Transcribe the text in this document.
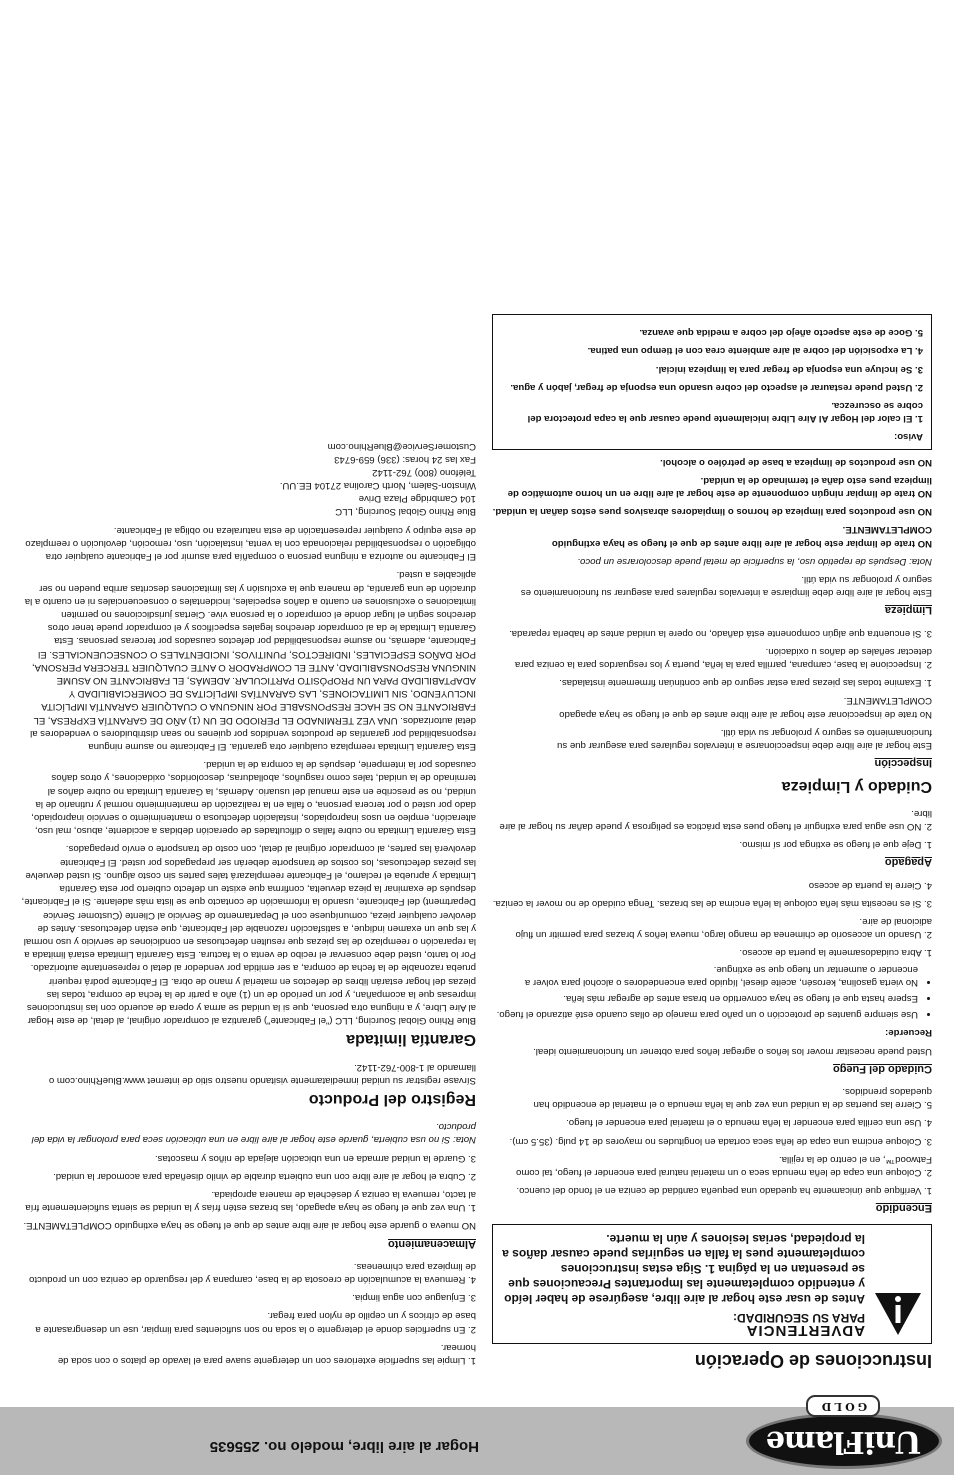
UniFlame
GOLD
Hogar al aire libre, modelo no. 255635
Instrucciones de Operación
ADVERTENCIA
PARA SU SEGURIDAD:
Antes de usar este hogar al aire libre, asegúrese de haber leído y entendido completamente las Importantes Precauciones que se presentan en la página 1. Siga estas instrucciones completamente pues la falla en seguirlas puede causar daños a la propiedad, serias lesiones y aún la muerte.
Encendido

1. Verifique que únicamente ha quedado una pequeña cantidad de ceniza en el fondo del cuenco.

2. Coloque una capa de leña menuda seca o un material natural para encender el fuego, tal como Fatwood™, en el centro de la rejilla.

3. Coloque encima una capa de leña seca cortada en longitudes no mayores de 14 pulg. (35.5 cm).

4. Use una cerilla para encender la leña menuda o el material para encender el fuego.

5. Cierre las puertas de la unidad una vez que la leña menuda o el material de encendido han quedados prendidos.

Cuidado del Fuego

Usted puede necesitar mover los leños o agregar leños para obtener un funcionamiento ideal.

Recuerde:

• Use siempre guantes de protección o un paño para manejo de ollas cuando esté atizando el fuego.
• Espere hasta que el fuego se haya convertido en brasa antes de agregar más leña.
• No vierta gasolina, kerosén, aceite diesel, líquido para encendedores o alcohol para volver a encender o aumentar un fuego que se extingue.

1. Abra cuidadosamente la puerta de acceso.

2. Usando un accesorio de chimenea de mango largo, mueva leños y brazas para permitir un flujo adicional de aire.

3. Si es necesita más leña coloque la leña encima de las brazas. Tenga cuidado de no mover la ceniza.

4. Cierre la puerta de acceso

Apagado

1. Deje que el fuego se extinga por sí mismo.

2. NO use agua para extinguir el fuego pues esta práctica es peligrosa y puede dañar su hogar al aire libre.

Cuidado y Limpieza
Inspección

Este hogar al aire libre debe inspeccionarse a intervalos regulares para asegurar que su funcionamiento es seguro y prolongar su vida útil.

No trate de inspeccionar este hogar al aire libre antes de que el fuego se haya apagado COMPLETAMENTE.

1. Examine todas las piezas para estar seguro de que continúan firmemente instaladas.

2. Inspeccione la base, campana, parrilla para la leña, puerta y los resguardos para la ceniza para detectar señales de daños u oxidación.

3. Si encuentra que algún componente está dañado, no opere la unidad antes de haberla reparada.

Limpieza

Este hogar al aire libre debe limpiarse a intervalos regulares para asegurar su funcionamiento es seguro y prolongar su vida útil.

Nota: Después de repetido uso, la superficie de metal puede descolorarse un poco.

NO trate de limpiar este hogar al aire libre antes de que el fuego se haya extinguido COMPLETAMENTE.

NO use productos para limpieza de hornos o limpiadores abrasivos pues estos dañan la unidad.

NO trate de limpiar ningún componente de este hogar al aire libre en un horno automático de limpieza pues esto daña el terminado de la unidad.

NO use productos de limpieza a base de petróleo o alcohol.

Aviso:

1. El calor del Hogar Al Aire Libre inicialmente puede causar que la capa protectora del cobre se oscurezca.

2. Usted puede restaurar el aspecto del cobre usando una esponja de fregar, jabón y agua.

3. Se incluye una esponja de fregar para la limpieza inicial.

4. La exposición del cobre al aire ambiente crea con el tiempo una patina.

5. Goce de este aspecto añejo del cobre a medida que avanza.

1. Limpie las superficie exteriores con un detergente suave para el lavado de platos o con soda de hornear.

2. En superficies donde el detergente o la soda no son suficientes para limpiar, use un desengrasante a base de cítricos y un cepillo de nylon para fregar.

3. Enjuague con agua limpia.

4. Remueva la acumulación de creosota de la base, campana y del resguardo de ceniza con un producto de limpieza para chimeneas.

Almacenamiento

NO mueva o guarde este hogar al aire libre antes de que el fuego se haya extinguido COMPLETAMENTE.

1. Una vez que el fuego se haya apagado, las brazas estén frías y la unidad se sienta suficientemente fría al tacto, remueva la ceniza y deséchela de manera apropiada.

2. Cubra el hogar al aire libre con una cubierta durable de vinilo diseñada para acomodar la unidad.

3. Guarde la unidad armada en una ubicación alejada de niños y mascotas.

Nota: Si no usa cubierta, guarde este hogar al aire libre en una ubicación seca para prolongar la vida del producto.

Registro del Producto

Sírvase registrar su unidad inmediatamente visitando nuestro sitio de internet www.BlueRhino.com o llamando al 1-800-762-1142.

Garantía limitada

Blue Rhino Global Sourcing, LLC ("el Fabricante") garantiza al comprador original, al detal, de este Hogar al Aire Libre, y a ninguna otra persona, que si la unidad se arma y opera de acuerdo con las instrucciones impresas que la acompañan, y por un período de un (1) año a partir de la fecha de compra, todas las piezas del hogar estarán libres de defectos en material y mano de obra. El Fabricante podrá requerir prueba razonable de la fecha de compra, a ser emitida por vendedor al detal o representante autorizado. Por lo tanto, usted debe conservar el recibo de venta o la factura. Esta Garantía Limitada estará limitada a la reparación o reemplazo de las piezas que resulten defectuosas en condiciones de servicio y uso normal y las que un examen indique, a satisfacción razonable del Fabricante, que están defectuosas. Antes de devolver cualquier pieza, comuníquese con el Departamento de Servicio al Cliente (Customer Service Department) del Fabricante, usando la información de contacto que se lista más adelante. Si el Fabricante, después de examinar la pieza devuelta, confirma que existe un defecto cubierto por esta Garantía Limitada y aprueba el reclamo, el Fabricante reemplazará tales partes sin costo alguno. Si usted devuelve las piezas defectuosas, los costos de transporte deberán ser prepagados por usted. El Fabricante devolverá las partes, al comprador original al detal, con costo de transporte o envío prepagados.

Esta Garantía Limitada no cubre fallas o dificultades de operación debidas a accidente, abuso, mal uso, alteración, empleo en usos inapropiados, instalación defectuosa o mantenimiento o servicio inapropiado, dado por usted o por tercera persona, o falla en la realización de mantenimiento normal y rutinario de la unidad, no se prescribe en este manual del usuario. Además, la Garantía Limitada no cubre daños al terminado de la unidad, tales como rasguños, abolladuras, descoloridos, oxidaciones, y otros daños causados por la intemperie, después de la compra de la unidad.

Esta Garantía Limitada reemplaza cualquier otra garantía. El Fabricante no asume ninguna responsabilidad por garantías de productos vendidos por quienes no sean distribuidores o vendedores al detal autorizados. UNA VEZ TERMINADO EL PERIODO DE UN (1) AÑO DE GARANTÍA EXPRESA, EL FABRICANTE NO SE HACE RESPONSABLE POR NINGUNA O CUALQUIER GARANTÍA IMPLÍCITA INCLUYENDO, SIN LIMITACIONES, LAS GARANTÍAS IMPLÍCITAS DE COMERCIABILIDAD Y ADAPTABILIDAD PARA UN PROPÓSITO PARTICULAR. ADEMÁS, EL FABRICANTE NO ASUME NINGUNA RESPONSABILIDAD, ANTE EL COMPRADOR O ANTE CUALQUIER TERCERA PERSONA, POR DAÑOS ESPECIALES, INDIRECTOS, PUNITIVOS, INCIDENTALES O CONSECUENCIALES. El Fabricante, además, no asume responsabilidad por defectos causados por terceras personas. Esta Garantía Limitada le da al comprador derechos legales específicos y el comprador puede tener otros derechos según el lugar donde el comprador o la persona vive. Ciertas jurisdicciones no permiten limitaciones o exclusiones en cuanto a daños especiales, incidentales o consecuenciales ni en cuanto a la duración de una garantía, de manera que la exclusión y las limitaciones descritas arriba pueden no ser aplicables a usted.

El Fabricante no autoriza a ninguna persona o compañía para asumir por el Fabricante cualquier otra obligación o responsabilidad relacionada con la venta, instalación, uso, remoción, devolución o reemplazo de este equipo y cualquier representación de esta naturaleza no obliga al Fabricante.

Blue Rhino Global Sourcing, LLC
104 Cambridge Plaza Drive
Winston-Salem, North Carolina 27104 EE.UU.
Teléfono (800) 762-1142
Fax las 24 horas: (336) 659-6743
CustomerService@BlueRhino.com
